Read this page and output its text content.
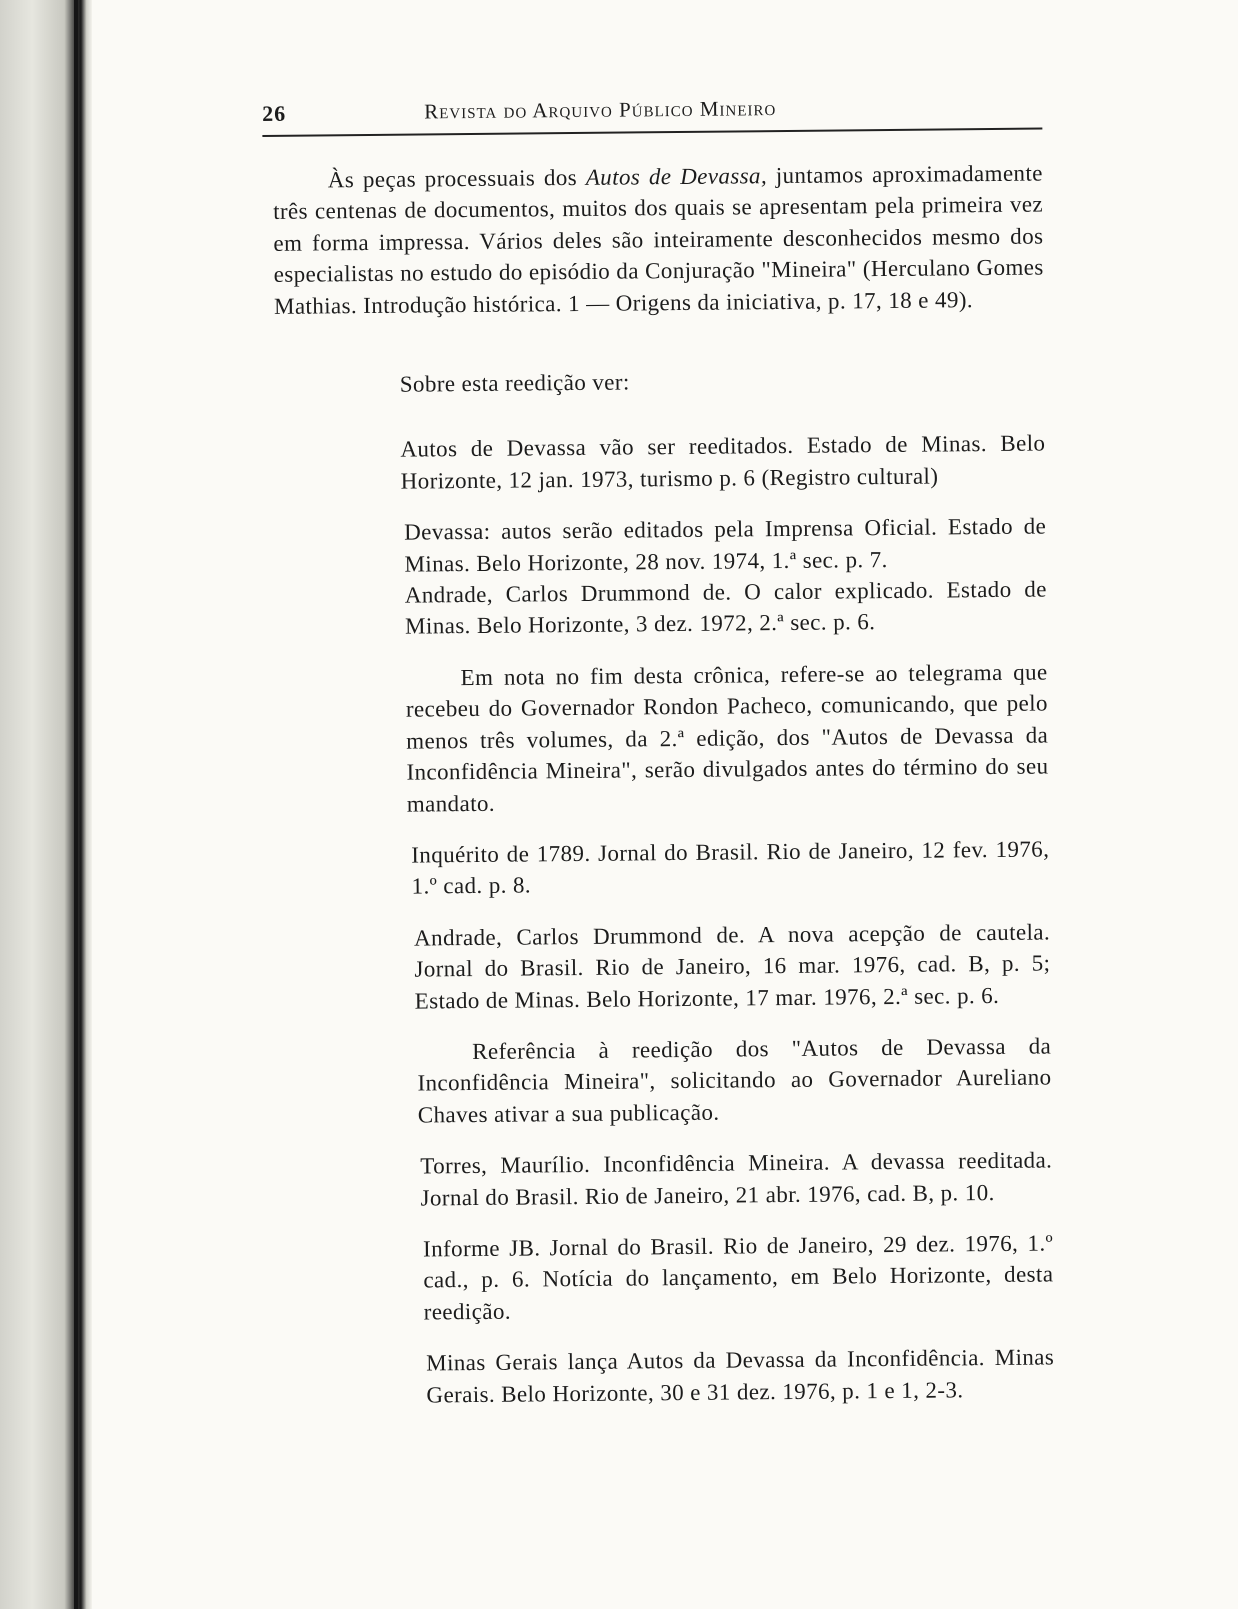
26	Revista do Arquivo Público Mineiro

Às peças processuais dos Autos de Devassa, juntamos aproximadamente três centenas de documentos, muitos dos quais se apresentam pela primeira vez em forma impressa. Vários deles são inteiramente desconhecidos mesmo dos especialistas no estudo do episódio da Conjuração "Mineira" (Herculano Gomes Mathias. Introdução histórica. 1 — Origens da iniciativa, p. 17, 18 e 49).

Sobre esta reedição ver:

Autos de Devassa vão ser reeditados. Estado de Minas. Belo Horizonte, 12 jan. 1973, turismo p. 6 (Registro cultural)

Devassa: autos serão editados pela Imprensa Oficial. Estado de Minas. Belo Horizonte, 28 nov. 1974, 1.ª sec. p. 7.

Andrade, Carlos Drummond de. O calor explicado. Estado de Minas. Belo Horizonte, 3 dez. 1972, 2.ª sec. p. 6.

Em nota no fim desta crônica, refere-se ao telegrama que recebeu do Governador Rondon Pacheco, comunicando, que pelo menos três volumes, da 2.ª edição, dos "Autos de Devassa da Inconfidência Mineira", serão divulgados antes do término do seu mandato.

Inquérito de 1789. Jornal do Brasil. Rio de Janeiro, 12 fev. 1976, 1.º cad. p. 8.

Andrade, Carlos Drummond de. A nova acepção de cautela. Jornal do Brasil. Rio de Janeiro, 16 mar. 1976, cad. B, p. 5; Estado de Minas. Belo Horizonte, 17 mar. 1976, 2.ª sec. p. 6.

Referência à reedição dos "Autos de Devassa da Inconfidência Mineira", solicitando ao Governador Aureliano Chaves ativar a sua publicação.

Torres, Maurílio. Inconfidência Mineira. A devassa reeditada. Jornal do Brasil. Rio de Janeiro, 21 abr. 1976, cad. B, p. 10.

Informe JB. Jornal do Brasil. Rio de Janeiro, 29 dez. 1976, 1.º cad., p. 6. Notícia do lançamento, em Belo Horizonte, desta reedição.

Minas Gerais lança Autos da Devassa da Inconfidência. Minas Gerais. Belo Horizonte, 30 e 31 dez. 1976, p. 1 e 1, 2-3.
